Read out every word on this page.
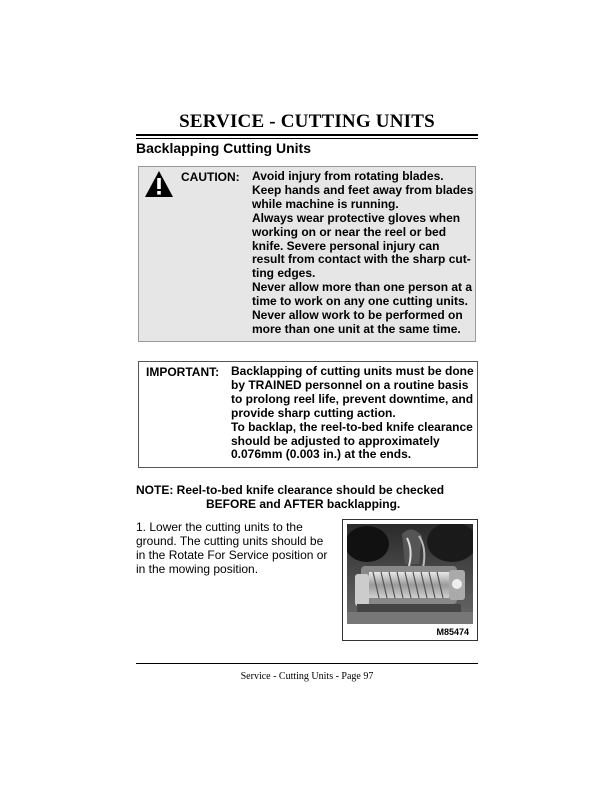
SERVICE - CUTTING UNITS
Backlapping Cutting Units
CAUTION: Avoid injury from rotating blades.
Keep hands and feet away from blades
while machine is running.
Always wear protective gloves when
working on or near the reel or bed
knife. Severe personal injury can
result from contact with the sharp cut-
ting edges.
Never allow more than one person at a
time to work on any one cutting units.
Never allow work to be performed on
more than one unit at the same time.
IMPORTANT: Backlapping of cutting units must be done
by TRAINED personnel on a routine basis
to prolong reel life, prevent downtime, and
provide sharp cutting action.
To backlap, the reel-to-bed knife clearance
should be adjusted to approximately
0.076mm (0.003 in.) at the ends.
NOTE: Reel-to-bed knife clearance should be checked
BEFORE and AFTER backlapping.
1. Lower the cutting units to the
ground. The cutting units should be
in the Rotate For Service position or
in the mowing position.
M85474
Service - Cutting Units - Page 97
